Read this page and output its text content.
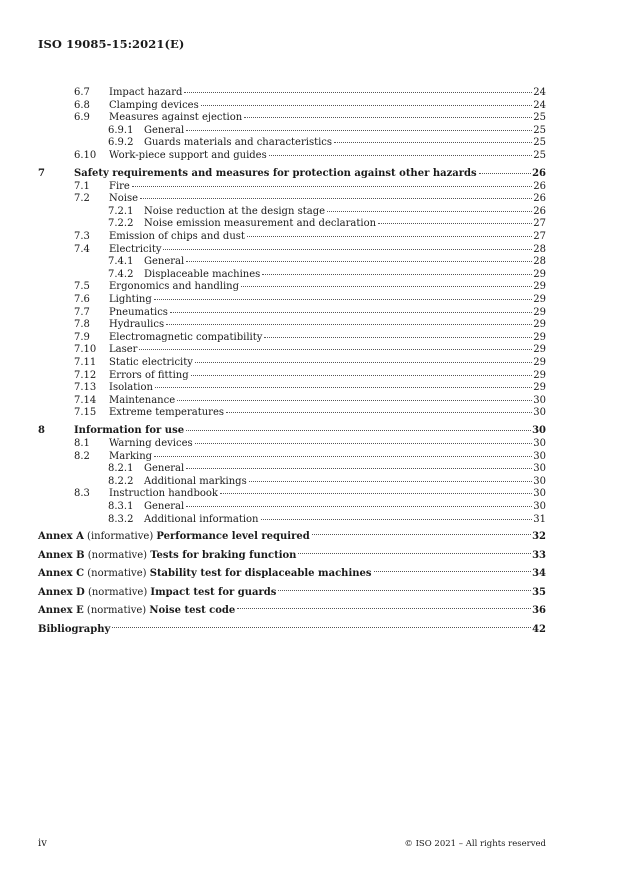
ISO 19085-15:2021(E)
6.7	Impact hazard	24
6.8	Clamping devices	24
6.9	Measures against ejection	25
6.9.1	General	25
6.9.2	Guards materials and characteristics	25
6.10	Work-piece support and guides	25
7	Safety requirements and measures for protection against other hazards	26
7.1	Fire	26
7.2	Noise	26
7.2.1	Noise reduction at the design stage	26
7.2.2	Noise emission measurement and declaration	27
7.3	Emission of chips and dust	27
7.4	Electricity	28
7.4.1	General	28
7.4.2	Displaceable machines	29
7.5	Ergonomics and handling	29
7.6	Lighting	29
7.7	Pneumatics	29
7.8	Hydraulics	29
7.9	Electromagnetic compatibility	29
7.10	Laser	29
7.11	Static electricity	29
7.12	Errors of fitting	29
7.13	Isolation	29
7.14	Maintenance	30
7.15	Extreme temperatures	30
8	Information for use	30
8.1	Warning devices	30
8.2	Marking	30
8.2.1	General	30
8.2.2	Additional markings	30
8.3	Instruction handbook	30
8.3.1	General	30
8.3.2	Additional information	31
Annex A (informative) Performance level required	32
Annex B (normative) Tests for braking function	33
Annex C (normative) Stability test for displaceable machines	34
Annex D (normative) Impact test for guards	35
Annex E (normative) Noise test code	36
Bibliography	42
iv	© ISO 2021 – All rights reserved
